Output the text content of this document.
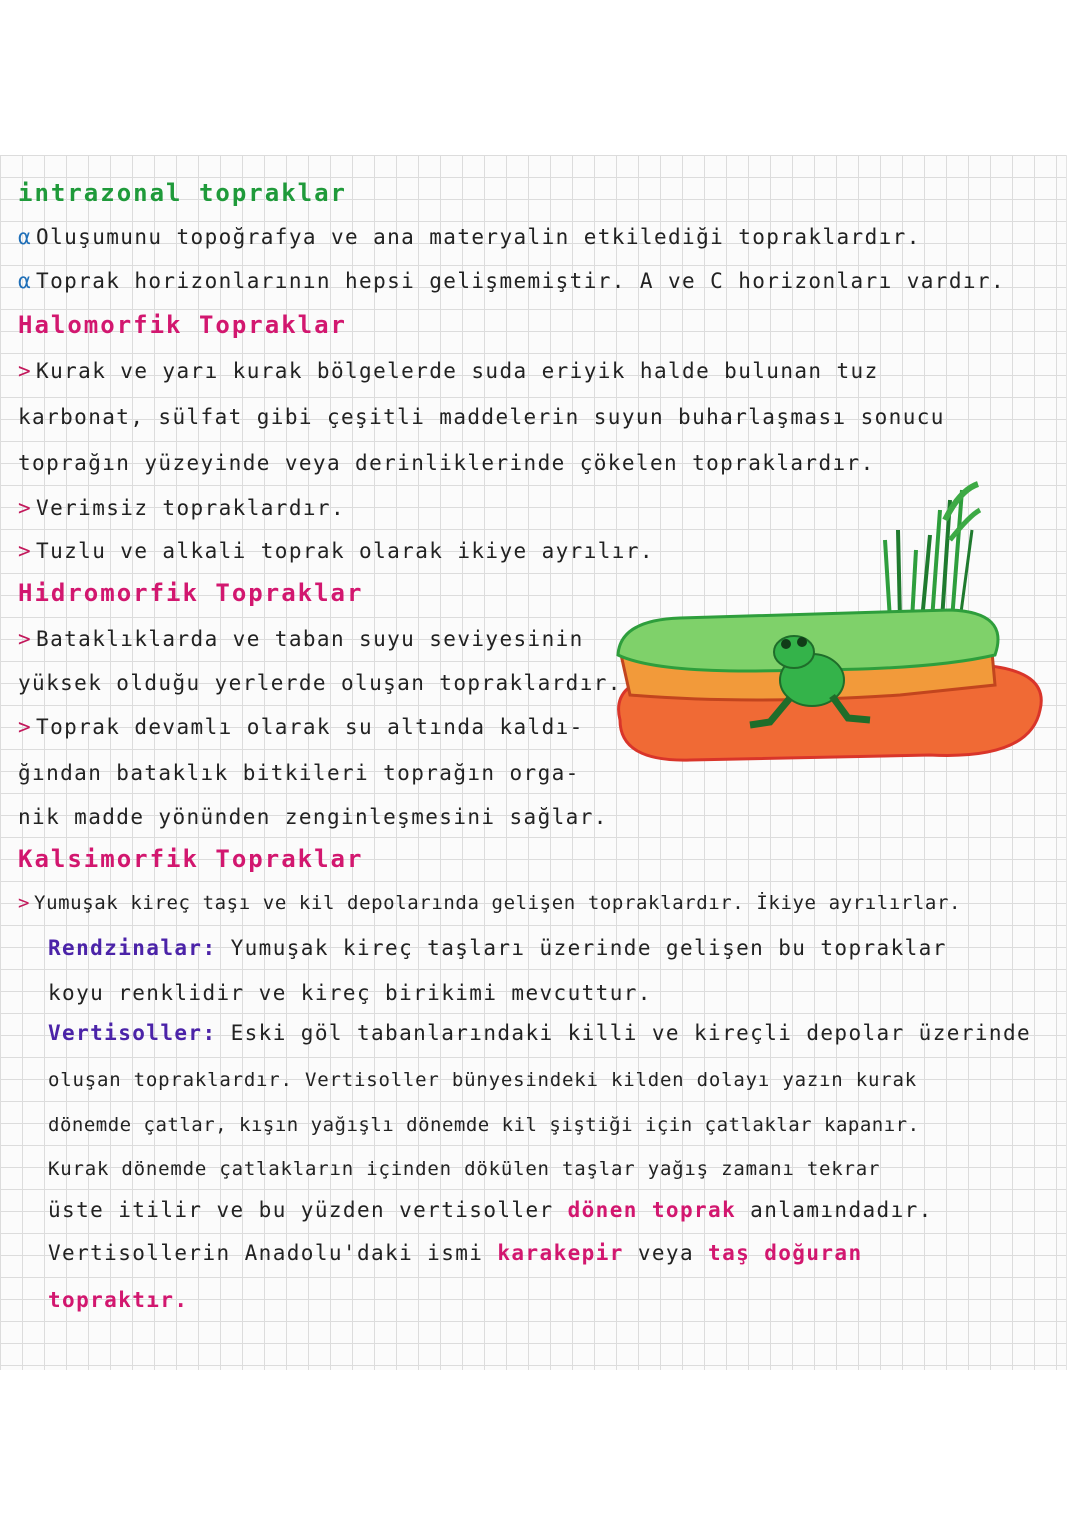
intrazonal topraklar
α Oluşumunu topoğrafya ve ana materyalin etkilediği topraklardır.
α Toprak horizonlarının hepsi gelişmemiştir. A ve C horizonları vardır.
Halomorfik Topraklar
> Kurak ve yarı kurak bölgelerde suda eriyik halde bulunan tuz
karbonat, sülfat gibi çeşitli maddelerin suyun buharlaşması sonucu
toprağın yüzeyinde veya derinliklerinde çökelen topraklardır.
> Verimsiz topraklardır.
> Tuzlu ve alkali toprak olarak ikiye ayrılır.
Hidromorfik Topraklar
> Bataklıklarda ve taban suyu seviyesinin
yüksek olduğu yerlerde oluşan topraklardır.
> Toprak devamlı olarak su altında kaldı-
ğından bataklık bitkileri toprağın orga-
nik madde yönünden zenginleşmesini sağlar.
Kalsimorfik Topraklar
> Yumuşak kireç taşı ve kil depolarında gelişen topraklardır. İkiye ayrılırlar.
Rendzinalar: Yumuşak kireç taşları üzerinde gelişen bu topraklar
koyu renklidir ve kireç birikimi mevcuttur.
Vertisoller: Eski göl tabanlarındaki killi ve kireçli depolar üzerinde
oluşan topraklardır. Vertisoller bünyesindeki kilden dolayı yazın kurak
dönemde çatlar, kışın yağışlı dönemde kil şiştiği için çatlaklar kapanır.
Kurak dönemde çatlakların içinden dökülen taşlar yağış zamanı tekrar
üste itilir ve bu yüzden vertisoller dönen toprak anlamındadır.
Vertisollerin Anadolu'daki ismi karakepir veya taş doğuran
topraktır.
